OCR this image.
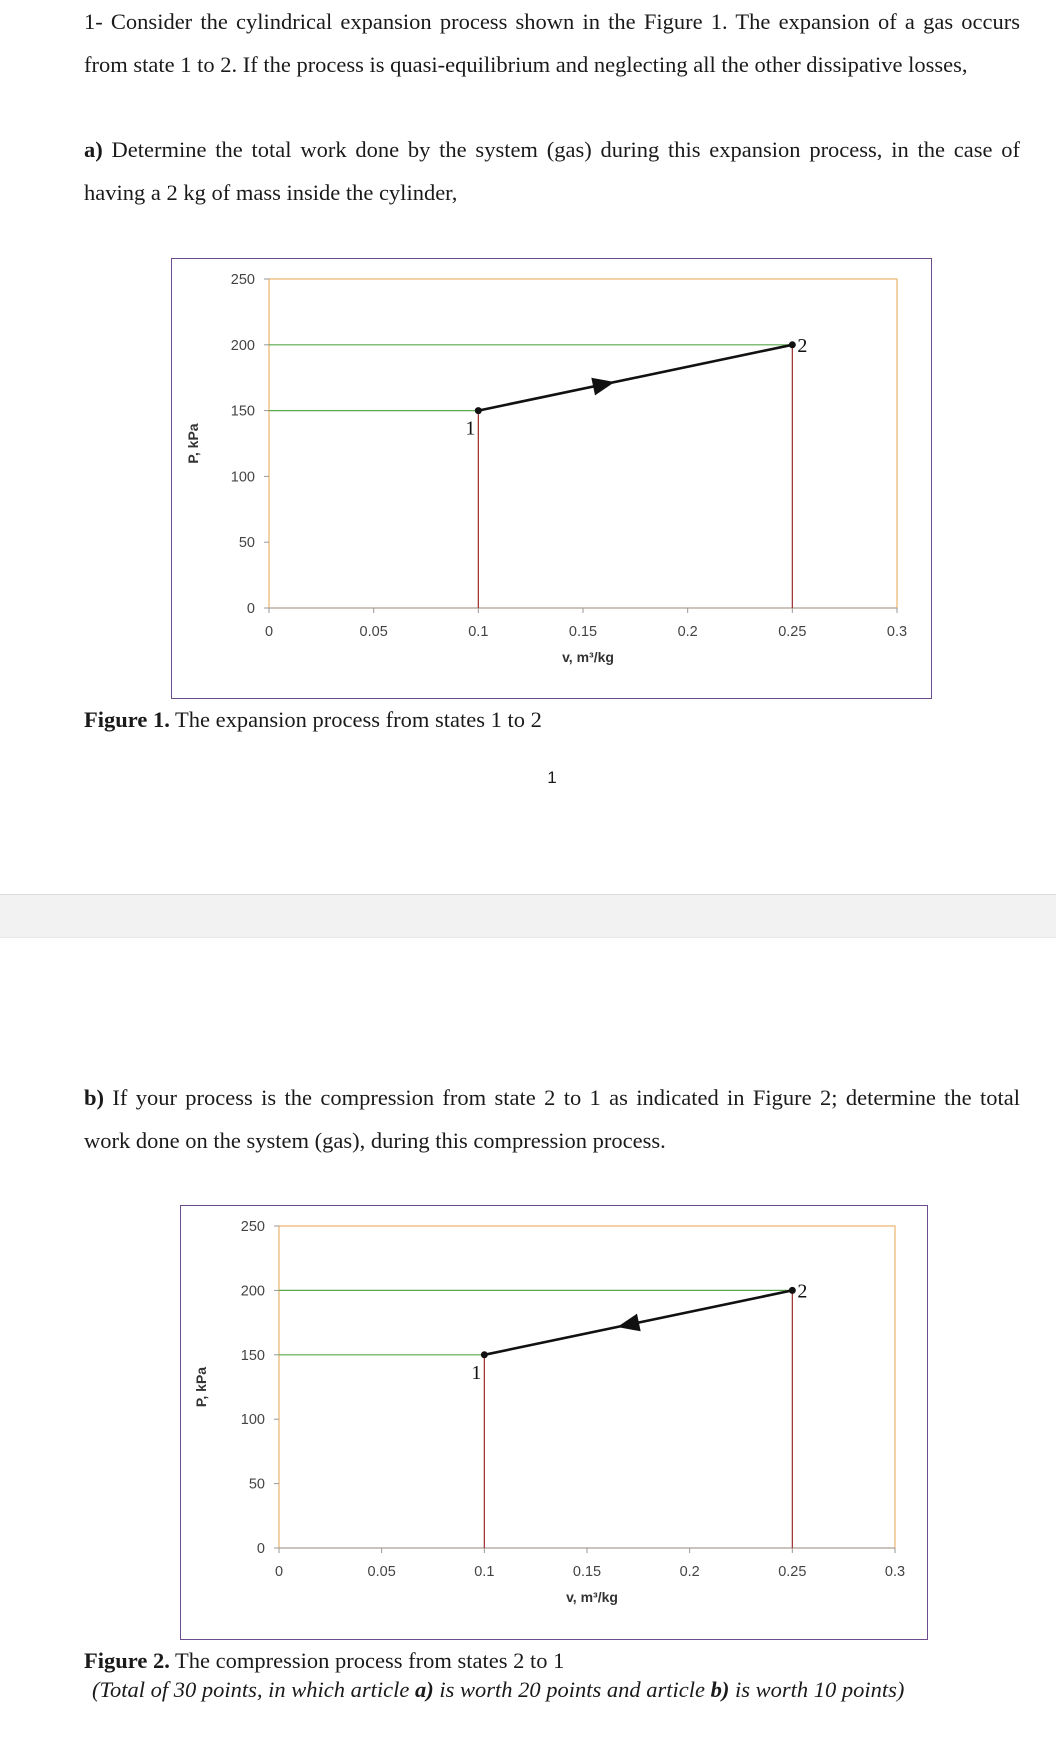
1- Consider the cylindrical expansion process shown in the Figure 1. The expansion of a gas occurs from state 1 to 2. If the process is quasi-equilibrium and neglecting all the other dissipative losses,
a) Determine the total work done by the system (gas) during this expansion process, in the case of having a 2 kg of mass inside the cylinder,
0
50
100
150
200
250
0	0.05	0.1	0.15	0.2	0.25	0.3
v, m³/kg
P, kPa	1
2
Figure 1. The expansion process from states 1 to 2
1
b) If your process is the compression from state 2 to 1 as indicated in Figure 2; determine the total work done on the system (gas), during this compression process.
0
50
100
150
200
250
0	0.05	0.1	0.15	0.2	0.25	0.3
v, m³/kg
P, kPa	1
2
Figure 2. The compression process from states 2 to 1
(Total of 30 points, in which article a) is worth 20 points and article b) is worth 10 points)
